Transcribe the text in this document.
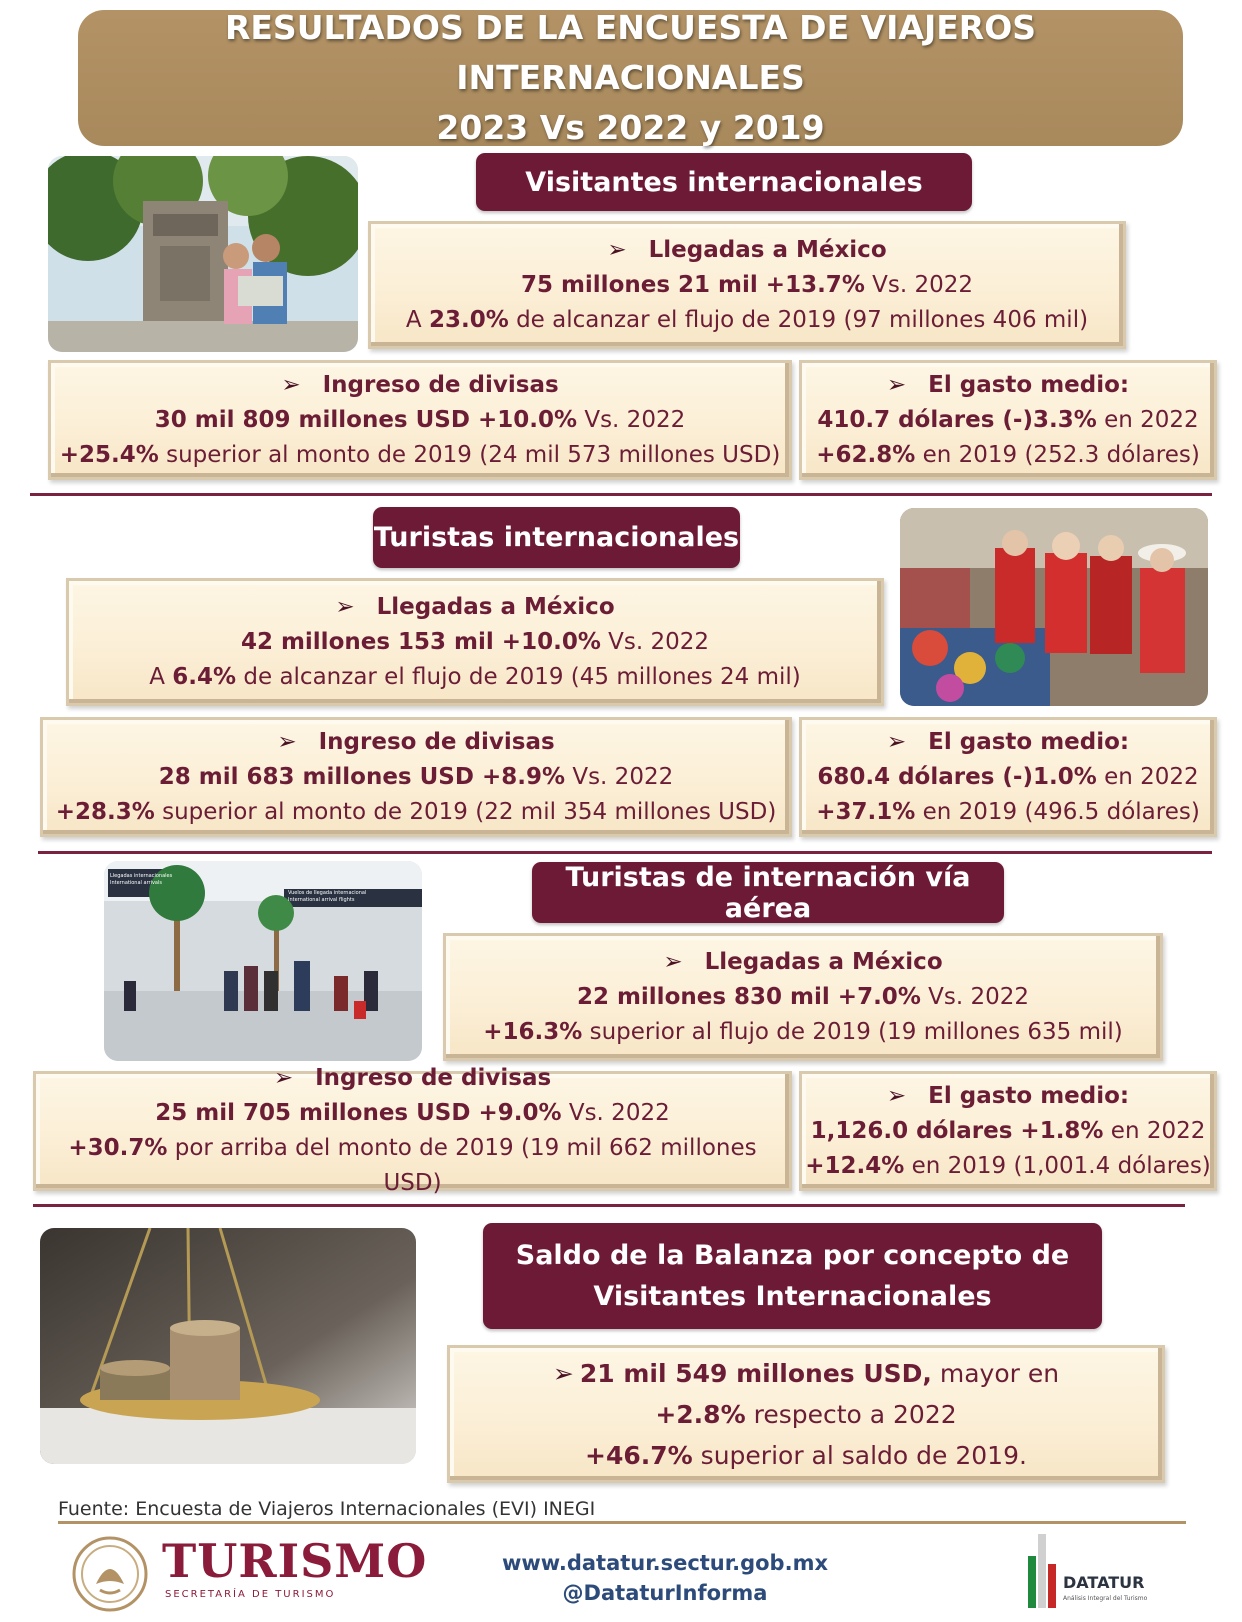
RESULTADOS DE LA ENCUESTA DE VIAJEROS INTERNACIONALES
2023 Vs 2022 y 2019
Visitantes internacionales
➢ Llegadas a México
75 millones 21 mil +13.7% Vs. 2022
A 23.0% de alcanzar el flujo de 2019 (97 millones 406 mil)
➢ Ingreso de divisas
30 mil 809 millones USD +10.0% Vs. 2022
+25.4% superior al monto de 2019 (24 mil 573 millones USD)
➢ El gasto medio:
410.7 dólares (-)3.3% en 2022
+62.8% en 2019 (252.3 dólares)
Turistas internacionales
➢ Llegadas a México
42 millones 153 mil +10.0% Vs. 2022
A 6.4% de alcanzar el flujo de 2019 (45 millones 24 mil)
➢ Ingreso de divisas
28 mil 683 millones USD +8.9% Vs. 2022
+28.3% superior al monto de 2019 (22 mil 354 millones USD)
➢ El gasto medio:
680.4 dólares (-)1.0% en 2022
+37.1% en 2019 (496.5 dólares)
Llegadas internacionales
International arrivals
Vuelos de llegada internacional
International arrival flights
Turistas de internación vía aérea
➢ Llegadas a México
22 millones 830 mil +7.0% Vs. 2022
+16.3% superior al flujo de 2019 (19 millones 635 mil)
➢ Ingreso de divisas
25 mil 705 millones USD +9.0% Vs. 2022
+30.7% por arriba del monto de 2019 (19 mil 662 millones USD)
➢ El gasto medio:
1,126.0 dólares +1.8% en 2022
+12.4% en 2019 (1,001.4 dólares)
Saldo de la Balanza por concepto de
Visitantes Internacionales
➢ 21 mil 549 millones USD, mayor en
+2.8% respecto a 2022
+46.7% superior al saldo de 2019.
Fuente: Encuesta de Viajeros Internacionales (EVI) INEGI
TURISMO
SECRETARÍA DE TURISMO
www.datatur.sectur.gob.mx
@DataturInforma	DATATUR
Análisis Integral del Turismo
